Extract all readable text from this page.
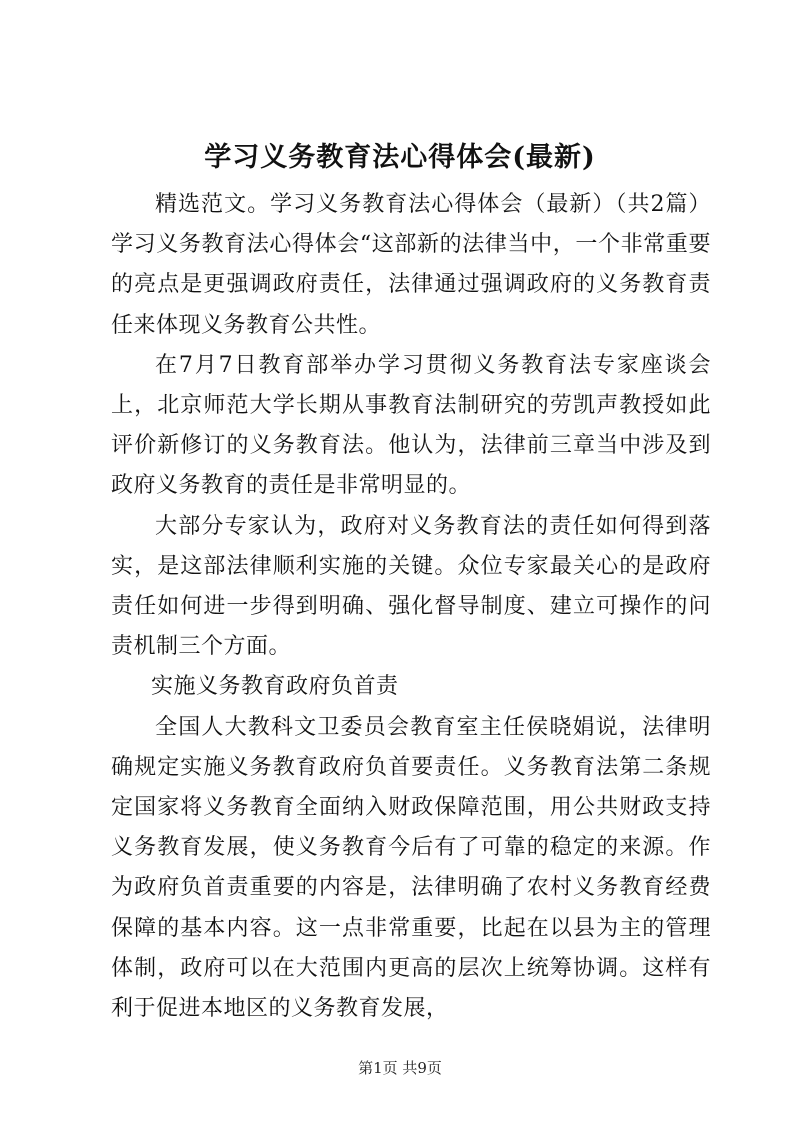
学习义务教育法心得体会(最新)

精选范文。学习义务教育法心得体会（最新）（共2篇）学习义务教育法心得体会“这部新的法律当中，一个非常重要的亮点是更强调政府责任，法律通过强调政府的义务教育责任来体现义务教育公共性。

在7月7日教育部举办学习贯彻义务教育法专家座谈会上，北京师范大学长期从事教育法制研究的劳凯声教授如此评价新修订的义务教育法。他认为，法律前三章当中涉及到政府义务教育的责任是非常明显的。

大部分专家认为，政府对义务教育法的责任如何得到落实，是这部法律顺利实施的关键。众位专家最关心的是政府责任如何进一步得到明确、强化督导制度、建立可操作的问责机制三个方面。

实施义务教育政府负首责

全国人大教科文卫委员会教育室主任侯晓娟说，法律明确规定实施义务教育政府负首要责任。义务教育法第二条规定国家将义务教育全面纳入财政保障范围，用公共财政支持义务教育发展，使义务教育今后有了可靠的稳定的来源。作为政府负首责重要的内容是，法律明确了农村义务教育经费保障的基本内容。这一点非常重要，比起在以县为主的管理体制，政府可以在大范围内更高的层次上统筹协调。这样有利于促进本地区的义务教育发展，

第1页 共9页
